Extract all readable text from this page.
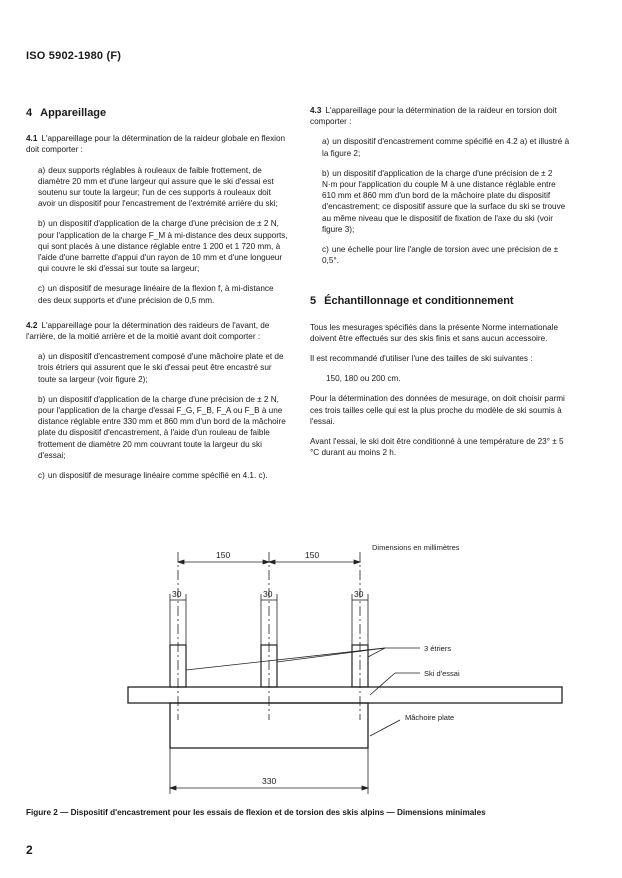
ISO 5902-1980 (F)
4 Appareillage

4.1 L'appareillage pour la détermination de la raideur globale en flexion doit comporter :

a) deux supports réglables à rouleaux de faible frottement, de diamètre 20 mm et d'une largeur qui assure que le ski d'essai est soutenu sur toute la largeur; l'un de ces supports à rouleaux doit avoir un dispositif pour l'encastrement de l'extrémité arrière du ski;

b) un dispositif d'application de la charge d'une précision de ± 2 N, pour l'application de la charge F_M à mi-distance des deux supports, qui sont placés à une distance réglable entre 1 200 et 1 720 mm, à l'aide d'une barrette d'appui d'un rayon de 10 mm et d'une longueur qui couvre le ski d'essai sur toute sa largeur;

c) un dispositif de mesurage linéaire de la flexion f, à mi-distance des deux supports et d'une précision de 0,5 mm.

4.2 L'appareillage pour la détermination des raideurs de l'avant, de l'arrière, de la moitié arrière et de la moitié avant doit comporter :

a) un dispositif d'encastrement composé d'une mâchoire plate et de trois étriers qui assurent que le ski d'essai peut être encastré sur toute sa largeur (voir figure 2);

b) un dispositif d'application de la charge d'une précision de ± 2 N, pour l'application de la charge d'essai F_G, F_B, F_A ou F_B à une distance réglable entre 330 mm et 860 mm d'un bord de la mâchoire plate du dispositif d'encastrement, à l'aide d'un rouleau de faible frottement de diamètre 20 mm couvrant toute la largeur du ski d'essai;

c) un dispositif de mesurage linéaire comme spécifié en 4.1. c).

4.3 L'appareillage pour la détermination de la raideur en torsion doit comporter :

a) un dispositif d'encastrement comme spécifié en 4.2 a) et illustré à la figure 2;

b) un dispositif d'application de la charge d'une précision de ± 2 N·m pour l'application du couple M à une distance réglable entre 610 mm et 860 mm d'un bord de la mâchoire plate du dispositif d'encastrement; ce dispositif assure que la surface du ski se trouve au même niveau que le dispositif de fixation de l'axe du ski (voir figure 3);

c) une échelle pour lire l'angle de torsion avec une précision de ± 0,5°.

5 Échantillonnage et conditionnement

Tous les mesurages spécifiés dans la présente Norme internationale doivent être effectués sur des skis finis et sans aucun accessoire.

Il est recommandé d'utiliser l'une des tailles de ski suivantes :

150, 180 ou 200 cm.

Pour la détermination des données de mesurage, on doit choisir parmi ces trois tailles celle qui est la plus proche du modèle de ski soumis à l'essai.

Avant l'essai, le ski doit être conditionné à une température de 23° ± 5 °C durant au moins 2 h.

150	150
30	30	30
330
Dimensions en millimètres
3 étriers
Ski d'essai
Mâchoire plate
Figure 2 — Dispositif d'encastrement pour les essais de flexion et de torsion des skis alpins — Dimensions minimales
2
